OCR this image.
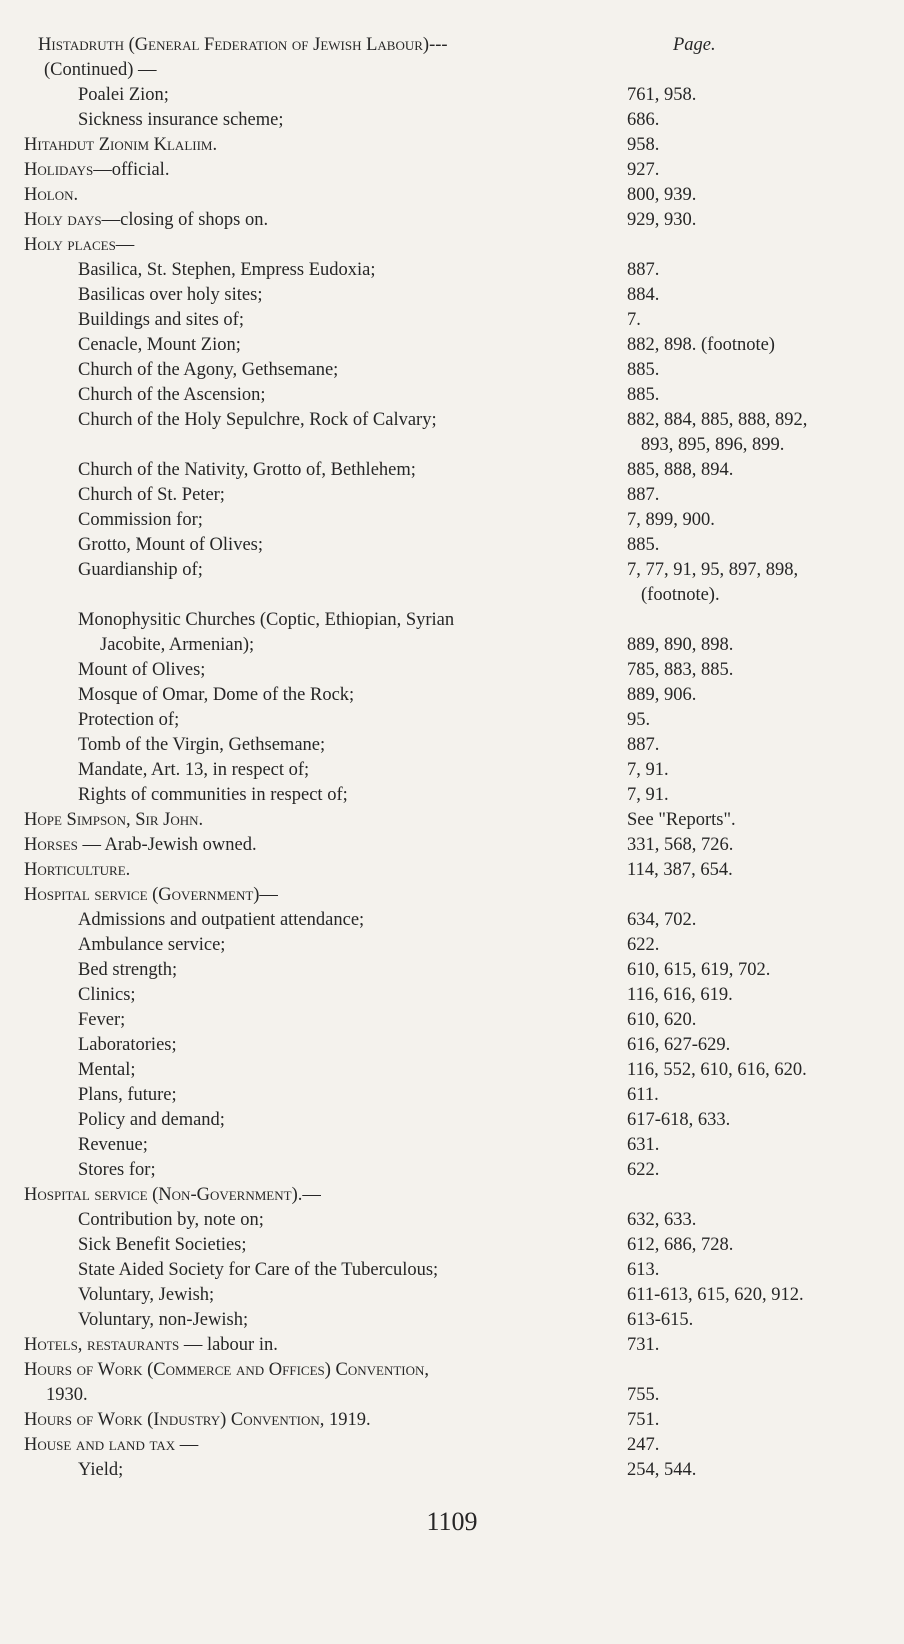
Histadruth (General Federation of Jewish Labour)---	Page.
(Continued) —
Poalei Zion;	761, 958.
Sickness insurance scheme;	686.
Hitahdut Zionim Klaliim.	958.
Holidays—official.	927.
Holon.	800, 939.
Holy days—closing of shops on.	929, 930.
Holy places—
Basilica, St. Stephen, Empress Eudoxia;	887.
Basilicas over holy sites;	884.
Buildings and sites of;	7.
Cenacle, Mount Zion;	882, 898. (footnote)
Church of the Agony, Gethsemane;	885.
Church of the Ascension;	885.
Church of the Holy Sepulchre, Rock of Calvary;	882, 884, 885, 888, 892,
893, 895, 896, 899.
Church of the Nativity, Grotto of, Bethlehem;	885, 888, 894.
Church of St. Peter;	887.
Commission for;	7, 899, 900.
Grotto, Mount of Olives;	885.
Guardianship of;	7, 77, 91, 95, 897, 898,
(footnote).
Monophysitic Churches (Coptic, Ethiopian, Syrian
Jacobite, Armenian);	889, 890, 898.
Mount of Olives;	785, 883, 885.
Mosque of Omar, Dome of the Rock;	889, 906.
Protection of;	95.
Tomb of the Virgin, Gethsemane;	887.
Mandate, Art. 13, in respect of;	7, 91.
Rights of communities in respect of;	7, 91.
Hope Simpson, Sir John.	See "Reports".
Horses — Arab-Jewish owned.	331, 568, 726.
Horticulture.	114, 387, 654.
Hospital service (Government)—
Admissions and outpatient attendance;	634, 702.
Ambulance service;	622.
Bed strength;	610, 615, 619, 702.
Clinics;	116, 616, 619.
Fever;	610, 620.
Laboratories;	616, 627-629.
Mental;	116, 552, 610, 616, 620.
Plans, future;	611.
Policy and demand;	617-618, 633.
Revenue;	631.
Stores for;	622.
Hospital service (Non-Government).—
Contribution by, note on;	632, 633.
Sick Benefit Societies;	612, 686, 728.
State Aided Society for Care of the Tuberculous;	613.
Voluntary, Jewish;	611-613, 615, 620, 912.
Voluntary, non-Jewish;	613-615.
Hotels, restaurants — labour in.	731.
Hours of Work (Commerce and Offices) Convention,
1930.	755.
Hours of Work (Industry) Convention, 1919.	751.
House and land tax —	247.
Yield;	254, 544.
1109
